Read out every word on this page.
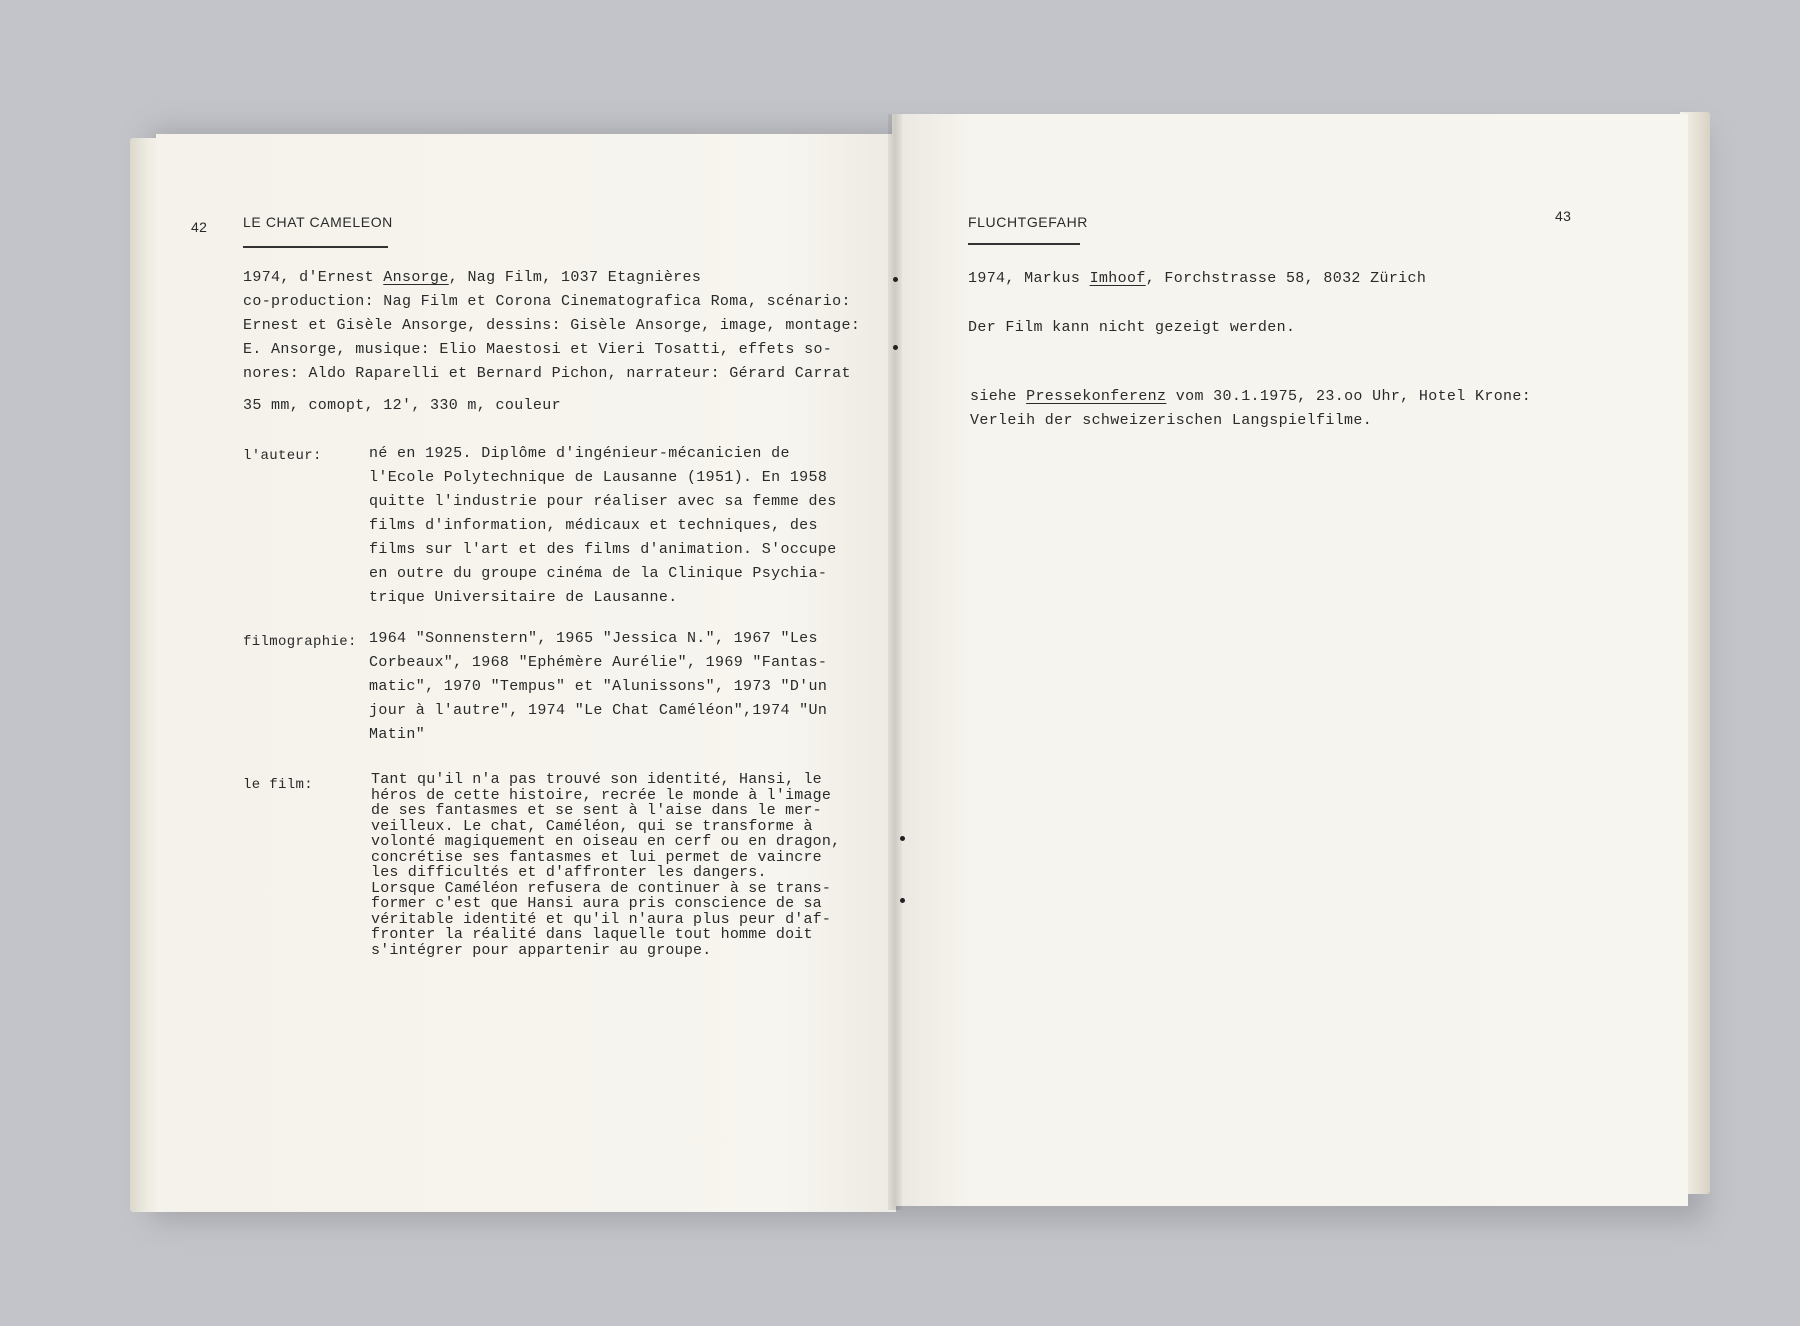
42	LE CHAT CAMELEON

1974, d'Ernest Ansorge, Nag Film, 1037 Etagnières

co-production: Nag Film et Corona Cinematografica Roma, scénario:

Ernest et Gisèle Ansorge, dessins: Gisèle Ansorge, image, montage:

E. Ansorge, musique: Elio Maestosi et Vieri Tosatti, effets so-

nores: Aldo Raparelli et Bernard Pichon, narrateur: Gérard Carrat

35 mm, comopt, 12', 330 m, couleur
l'auteur:	né en 1925. Diplôme d'ingénieur-mécanicien de

l'Ecole Polytechnique de Lausanne (1951). En 1958

quitte l'industrie pour réaliser avec sa femme des

films d'information, médicaux et techniques, des

films sur l'art et des films d'animation. S'occupe

en outre du groupe cinéma de la Clinique Psychia-

trique Universitaire de Lausanne.

filmographie: 1964 "Sonnenstern", 1965 "Jessica N.", 1967 "Les

Corbeaux", 1968 "Ephémère Aurélie", 1969 "Fantas-

matic", 1970 "Tempus" et "Alunissons", 1973 "D'un

jour à l'autre", 1974 "Le Chat Caméléon",1974 "Un

Matin"

le film:	Tant qu'il n'a pas trouvé son identité, Hansi, le

héros de cette histoire, recrée le monde à l'image

de ses fantasmes et se sent à l'aise dans le mer-

veilleux. Le chat, Caméléon, qui se transforme à

volonté magiquement en oiseau en cerf ou en dragon,

concrétise ses fantasmes et lui permet de vaincre

les difficultés et d'affronter les dangers.

Lorsque Caméléon refusera de continuer à se trans-

former c'est que Hansi aura pris conscience de sa

véritable identité et qu'il n'aura plus peur d'af-

fronter la réalité dans laquelle tout homme doit

s'intégrer pour appartenir au groupe.

43
FLUCHTGEFAHR

1974, Markus Imhoof, Forchstrasse 58, 8032 Zürich

Der Film kann nicht gezeigt werden.

siehe Pressekonferenz vom 30.1.1975, 23.oo Uhr, Hotel Krone:

Verleih der schweizerischen Langspielfilme.
